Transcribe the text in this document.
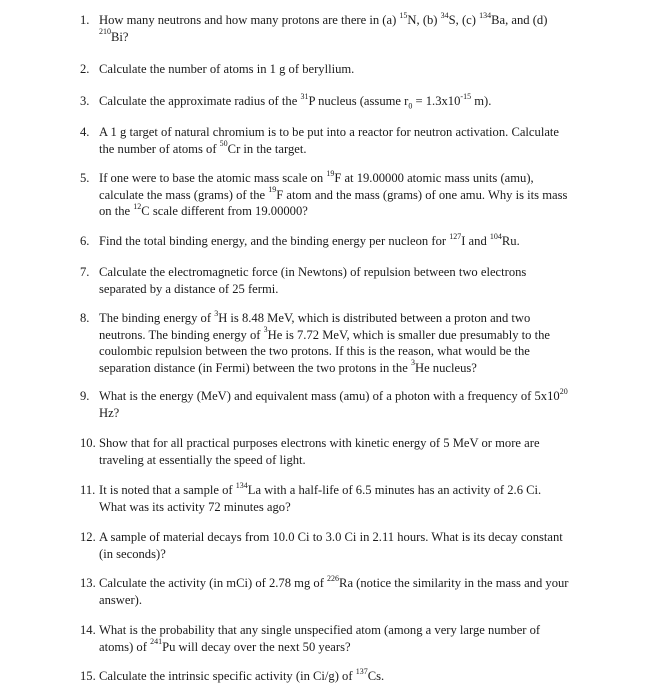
1. How many neutrons and how many protons are there in (a) $^{15}$N, (b) $^{34}$S, (c) $^{134}$Ba, and (d)
$^{210}$Bi?
2. Calculate the number of atoms in 1 g of beryllium.
3. Calculate the approximate radius of the $^{31}$P nucleus (assume $r_0 = 1.3x10^{-15}$ m).
4. A 1 g target of natural chromium is to be put into a reactor for neutron activation. Calculate
the number of atoms of $^{50}$Cr in the target.
5. If one were to base the atomic mass scale on $^{19}$F at 19.00000 atomic mass units (amu),
calculate the mass (grams) of the $^{19}$F atom and the mass (grams) of one amu. Why is its mass
on the $^{12}$C scale different from 19.00000?
6. Find the total binding energy, and the binding energy per nucleon for $^{127}$I and $^{104}$Ru.
7. Calculate the electromagnetic force (in Newtons) of repulsion between two electrons
separated by a distance of 25 fermi.
8. The binding energy of $^3$H is 8.48 MeV, which is distributed between a proton and two
neutrons. The binding energy of $^3$He is 7.72 MeV, which is smaller due presumably to the
coulombic repulsion between the two protons. If this is the reason, what would be the
separation distance (in Fermi) between the two protons in the $^3$He nucleus?
9. What is the energy (MeV) and equivalent mass (amu) of a photon with a frequency of $5x10^{20}$
Hz?
10. Show that for all practical purposes electrons with kinetic energy of 5 MeV or more are
traveling at essentially the speed of light.
11. It is noted that a sample of $^{134}$La with a half-life of 6.5 minutes has an activity of 2.6 Ci.
What was its activity 72 minutes ago?
12. A sample of material decays from 10.0 Ci to 3.0 Ci in 2.11 hours. What is its decay constant
(in seconds)?
13. Calculate the activity (in mCi) of 2.78 mg of $^{226}$Ra (notice the similarity in the mass and your
answer).
14. What is the probability that any single unspecified atom (among a very large number of
atoms) of $^{241}$Pu will decay over the next 50 years?
15. Calculate the intrinsic specific activity (in Ci/g) of $^{137}$Cs.
